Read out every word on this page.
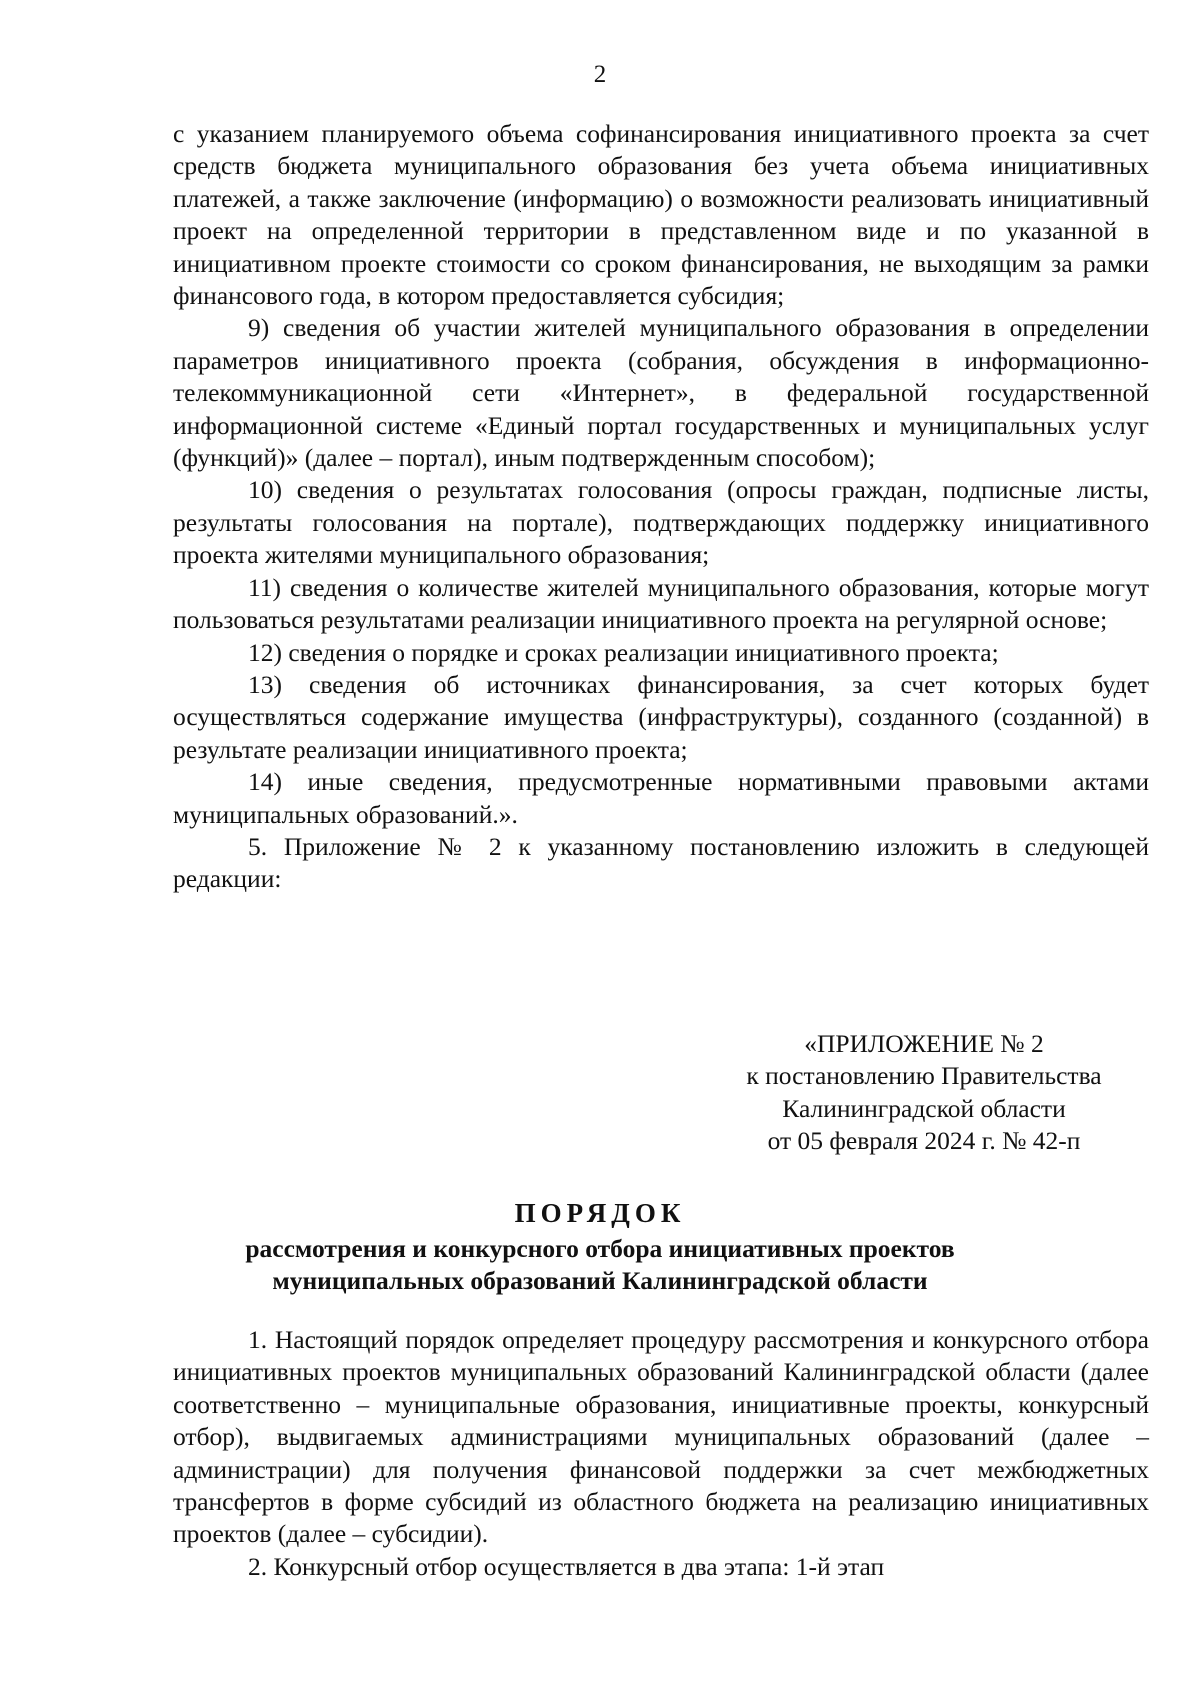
2

с указанием планируемого объема софинансирования инициативного проекта за счет средств бюджета муниципального образования без учета объема инициативных платежей, а также заключение (информацию) о возможности реализовать инициативный проект на определенной территории в представленном виде и по указанной в инициативном проекте стоимости со сроком финансирования, не выходящим за рамки финансового года, в котором предоставляется субсидия;

9) сведения об участии жителей муниципального образования в определении параметров инициативного проекта (собрания, обсуждения в информационно-телекоммуникационной сети «Интернет», в федеральной государственной информационной системе «Единый портал государственных и муниципальных услуг (функций)» (далее – портал), иным подтвержденным способом);

10) сведения о результатах голосования (опросы граждан, подписные листы, результаты голосования на портале), подтверждающих поддержку инициативного проекта жителями муниципального образования;

11) сведения о количестве жителей муниципального образования, которые могут пользоваться результатами реализации инициативного проекта на регулярной основе;

12) сведения о порядке и сроках реализации инициативного проекта;

13) сведения об источниках финансирования, за счет которых будет осуществляться содержание имущества (инфраструктуры), созданного (созданной) в результате реализации инициативного проекта;

14) иные сведения, предусмотренные нормативными правовыми актами муниципальных образований.».

5. Приложение № 2 к указанному постановлению изложить в следующей редакции:

«ПРИЛОЖЕНИЕ № 2
к постановлению Правительства
Калининградской области
от 05 февраля 2024 г. № 42-п
ПОРЯДОК
рассмотрения и конкурсного отбора инициативных проектов
муниципальных образований Калининградской области

1. Настоящий порядок определяет процедуру рассмотрения и конкурсного отбора инициативных проектов муниципальных образований Калининградской области (далее соответственно – муниципальные образования, инициативные проекты, конкурсный отбор), выдвигаемых администрациями муниципальных образований (далее – администрации) для получения финансовой поддержки за счет межбюджетных трансфертов в форме субсидий из областного бюджета на реализацию инициативных проектов (далее – субсидии).

2. Конкурсный отбор осуществляется в два этапа: 1-й этап
